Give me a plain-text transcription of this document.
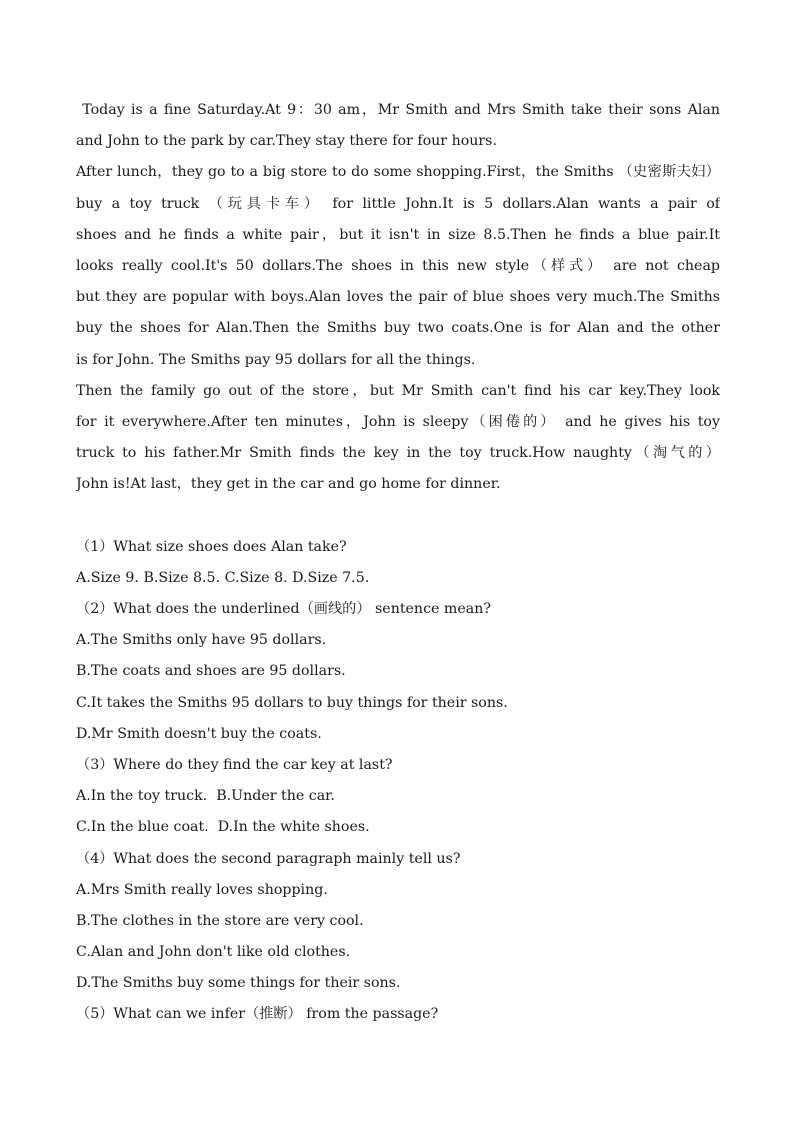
Today is a fine Saturday.At 9：30 am，Mr Smith and Mrs Smith take their sons Alan
and John to the park by car.They stay there for four hours.
After lunch，they go to a big store to do some shopping.First，the Smiths （史密斯夫妇）
buy a toy truck （玩具卡车） for little John.It is 5 dollars.Alan wants a pair of
shoes and he finds a white pair，but it isn't in size 8.5.Then he finds a blue pair.It
looks really cool.It's 50 dollars.The shoes in this new style（样式） are not cheap
but they are popular with boys.Alan loves the pair of blue shoes very much.The Smiths
buy the shoes for Alan.Then the Smiths buy two coats.One is for Alan and the other
is for John. The Smiths pay 95 dollars for all the things.
Then the family go out of the store，but Mr Smith can't find his car key.They look
for it everywhere.After ten minutes，John is sleepy（困倦的） and he gives his toy
truck to his father.Mr Smith finds the key in the toy truck.How naughty（淘气的）
John is!At last，they get in the car and go home for dinner.
（1）What size shoes does Alan take?
A.Size 9. B.Size 8.5. C.Size 8. D.Size 7.5.
（2）What does the underlined（画线的） sentence mean?
A.The Smiths only have 95 dollars.
B.The coats and shoes are 95 dollars.
C.It takes the Smiths 95 dollars to buy things for their sons.
D.Mr Smith doesn't buy the coats.
（3）Where do they find the car key at last?
A.In the toy truck.  B.Under the car.
C.In the blue coat.  D.In the white shoes.
（4）What does the second paragraph mainly tell us?
A.Mrs Smith really loves shopping.
B.The clothes in the store are very cool.
C.Alan and John don't like old clothes.
D.The Smiths buy some things for their sons.
（5）What can we infer（推断） from the passage?
